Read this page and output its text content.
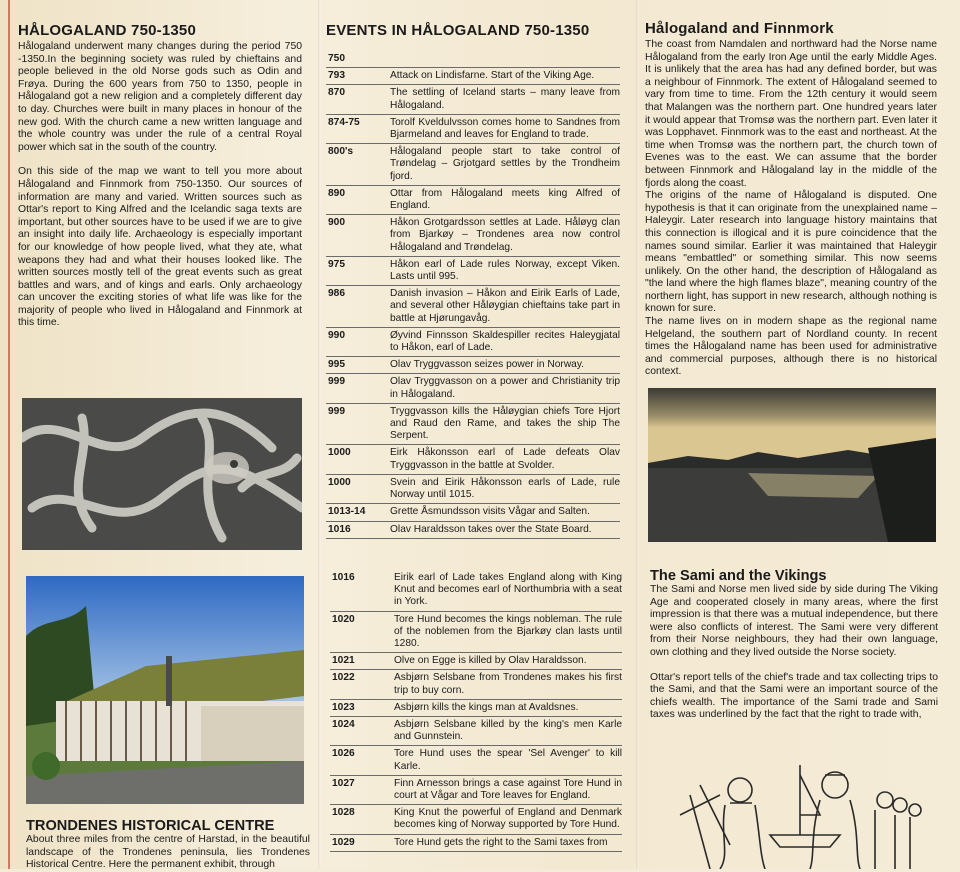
HÅLOGALAND 750-1350

Hålogaland underwent many changes during the period 750 -1350.In the beginning society was ruled by chieftains and people believed in the old Norse gods such as Odin and Frøya. During the 600 years from 750 to 1350, people in Hålogaland got a new religion and a completely different day to day. Churches were built in many places in honour of the new god. With the church came a new written language and the whole country was under the rule of a central Royal power which sat in the south of the country.

On this side of the map we want to tell you more about Hålogaland and Finnmork from 750-1350. Our sources of information are many and varied. Written sources such as Ottar's report to King Alfred and the Icelandic saga texts are important, but other sources have to be used if we are to give an insight into daily life. Archaeology is especially important for our knowledge of how people lived, what they ate, what weapons they had and what their houses looked like. The written sources mostly tell of the great events such as great battles and wars, and of kings and earls. Only archaeology can uncover the exciting stories of what life was like for the majority of people who lived in Hålogaland and Finnmork at this time.

TRONDENES HISTORICAL CENTRE

About three miles from the centre of Harstad, in the beautiful landscape of the Trondenes peninsula, lies Trondenes Historical Centre. Here the permanent exhibit, through

EVENTS IN HÅLOGALAND 750-1350
750	
793	Attack on Lindisfarne. Start of the Viking Age.
870	The settling of Iceland starts – many leave from Hålogaland.
874-75	Torolf Kveldulvsson comes home to Sandnes from Bjarmeland and leaves for England to trade.
800's	Hålogaland people start to take control of Trøndelag – Grjotgard settles by the Trondheim fjord.
890	Ottar from Hålogaland meets king Alfred of England.
900	Håkon Grotgardsson settles at Lade. Håløyg clan from Bjarkøy – Trondenes area now control Hålogaland and Trøndelag.
975	Håkon earl of Lade rules Norway, except Viken. Lasts until 995.
986	Danish invasion – Håkon and Eirik Earls of Lade, and several other Håløygian chieftains take part in battle at Hjørungavåg.
990	Øyvind Finnsson Skaldespiller recites Haleygjatal to Håkon, earl of Lade.
995	Olav Tryggvasson seizes power in Norway.
999	Olav Tryggvasson on a power and Christianity trip in Hålogaland.
999	Tryggvasson kills the Håløygian chiefs Tore Hjort and Raud den Rame, and takes the ship The Serpent.
1000	Eirk Håkonsson earl of Lade defeats Olav Tryggvasson in the battle at Svolder.
1000	Svein and Eirik Håkonsson earls of Lade, rule Norway until 1015.
1013-14	Grette Åsmundsson visits Vågar and Salten.
1016	Olav Haraldsson takes over the State Board.
1016	Eirik earl of Lade takes England along with King Knut and becomes earl of Northumbria with a seat in York.
1020	Tore Hund becomes the kings nobleman. The rule of the noblemen from the Bjarkøy clan lasts until 1280.
1021	Olve on Egge is killed by Olav Haraldsson.
1022	Asbjørn Selsbane from Trondenes makes his first trip to buy corn.
1023	Asbjørn kills the kings man at Avaldsnes.
1024	Asbjørn Selsbane killed by the king's men Karle and Gunnstein.
1026	Tore Hund uses the spear 'Sel Avenger' to kill Karle.
1027	Finn Arnesson brings a case against Tore Hund in court at Vågar and Tore leaves for England.
1028	King Knut the powerful of England and Denmark becomes king of Norway supported by Tore Hund.
1029	Tore Hund gets the right to the Sami taxes from
Hålogaland and Finnmork

The coast from Namdalen and northward had the Norse name Hålogaland from the early Iron Age until the early Middle Ages. It is unlikely that the area has had any defined border, but was a neighbour of Finnmork. The extent of Hålogaland seemed to vary from time to time. From the 12th century it would seem that Malangen was the northern part. One hundred years later it would appear that Tromsø was the northern part. Even later it was Lopphavet. Finnmork was to the east and northeast. At the time when Tromsø was the northern part, the church town of Evenes was to the east. We can assume that the border between Finnmork and Hålogaland lay in the middle of the fjords along the coast.

The origins of the name of Hålogaland is disputed. One hypothesis is that it can originate from the unexplained name – Haleygir. Later research into language history maintains that this connection is illogical and it is pure coincidence that the names sound similar. Earlier it was maintained that Haleygir means "embattled" or something similar. This now seems unlikely. On the other hand, the description of Hålogaland as "the land where the high flames blaze", meaning country of the northern light, has support in new research, although nothing is known for sure.

The name lives on in modern shape as the regional name Helgeland, the southern part of Nordland county. In recent times the Hålogaland name has been used for administrative and commercial purposes, although there is no historical context.

The Sami and the Vikings

The Sami and Norse men lived side by side during The Viking Age and cooperated closely in many areas, where the first impression is that there was a mutual independence, but there were also conflicts of interest. The Sami were very different from their Norse neighbours, they had their own language, own clothing and they lived outside the Norse society.

Ottar's report tells of the chief's trade and tax collecting trips to the Sami, and that the Sami were an important source of the chiefs wealth. The importance of the Sami trade and Sami taxes was underlined by the fact that the right to trade with,
